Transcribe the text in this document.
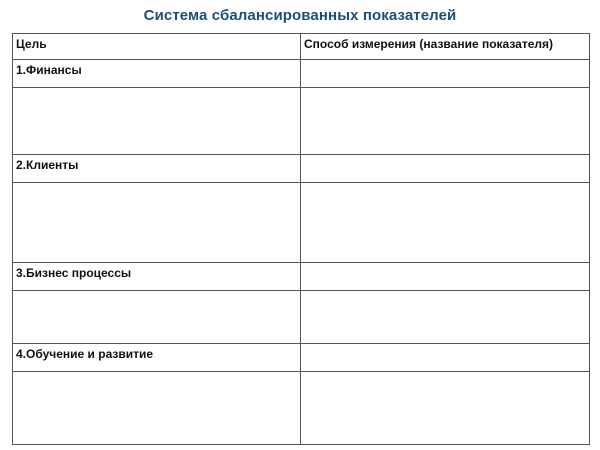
Система сбалансированных показателей
Цель	Способ измерения (название показателя)
1.Финансы	

2.Клиенты	

3.Бизнес процессы	

4.Обучение и развитие	
